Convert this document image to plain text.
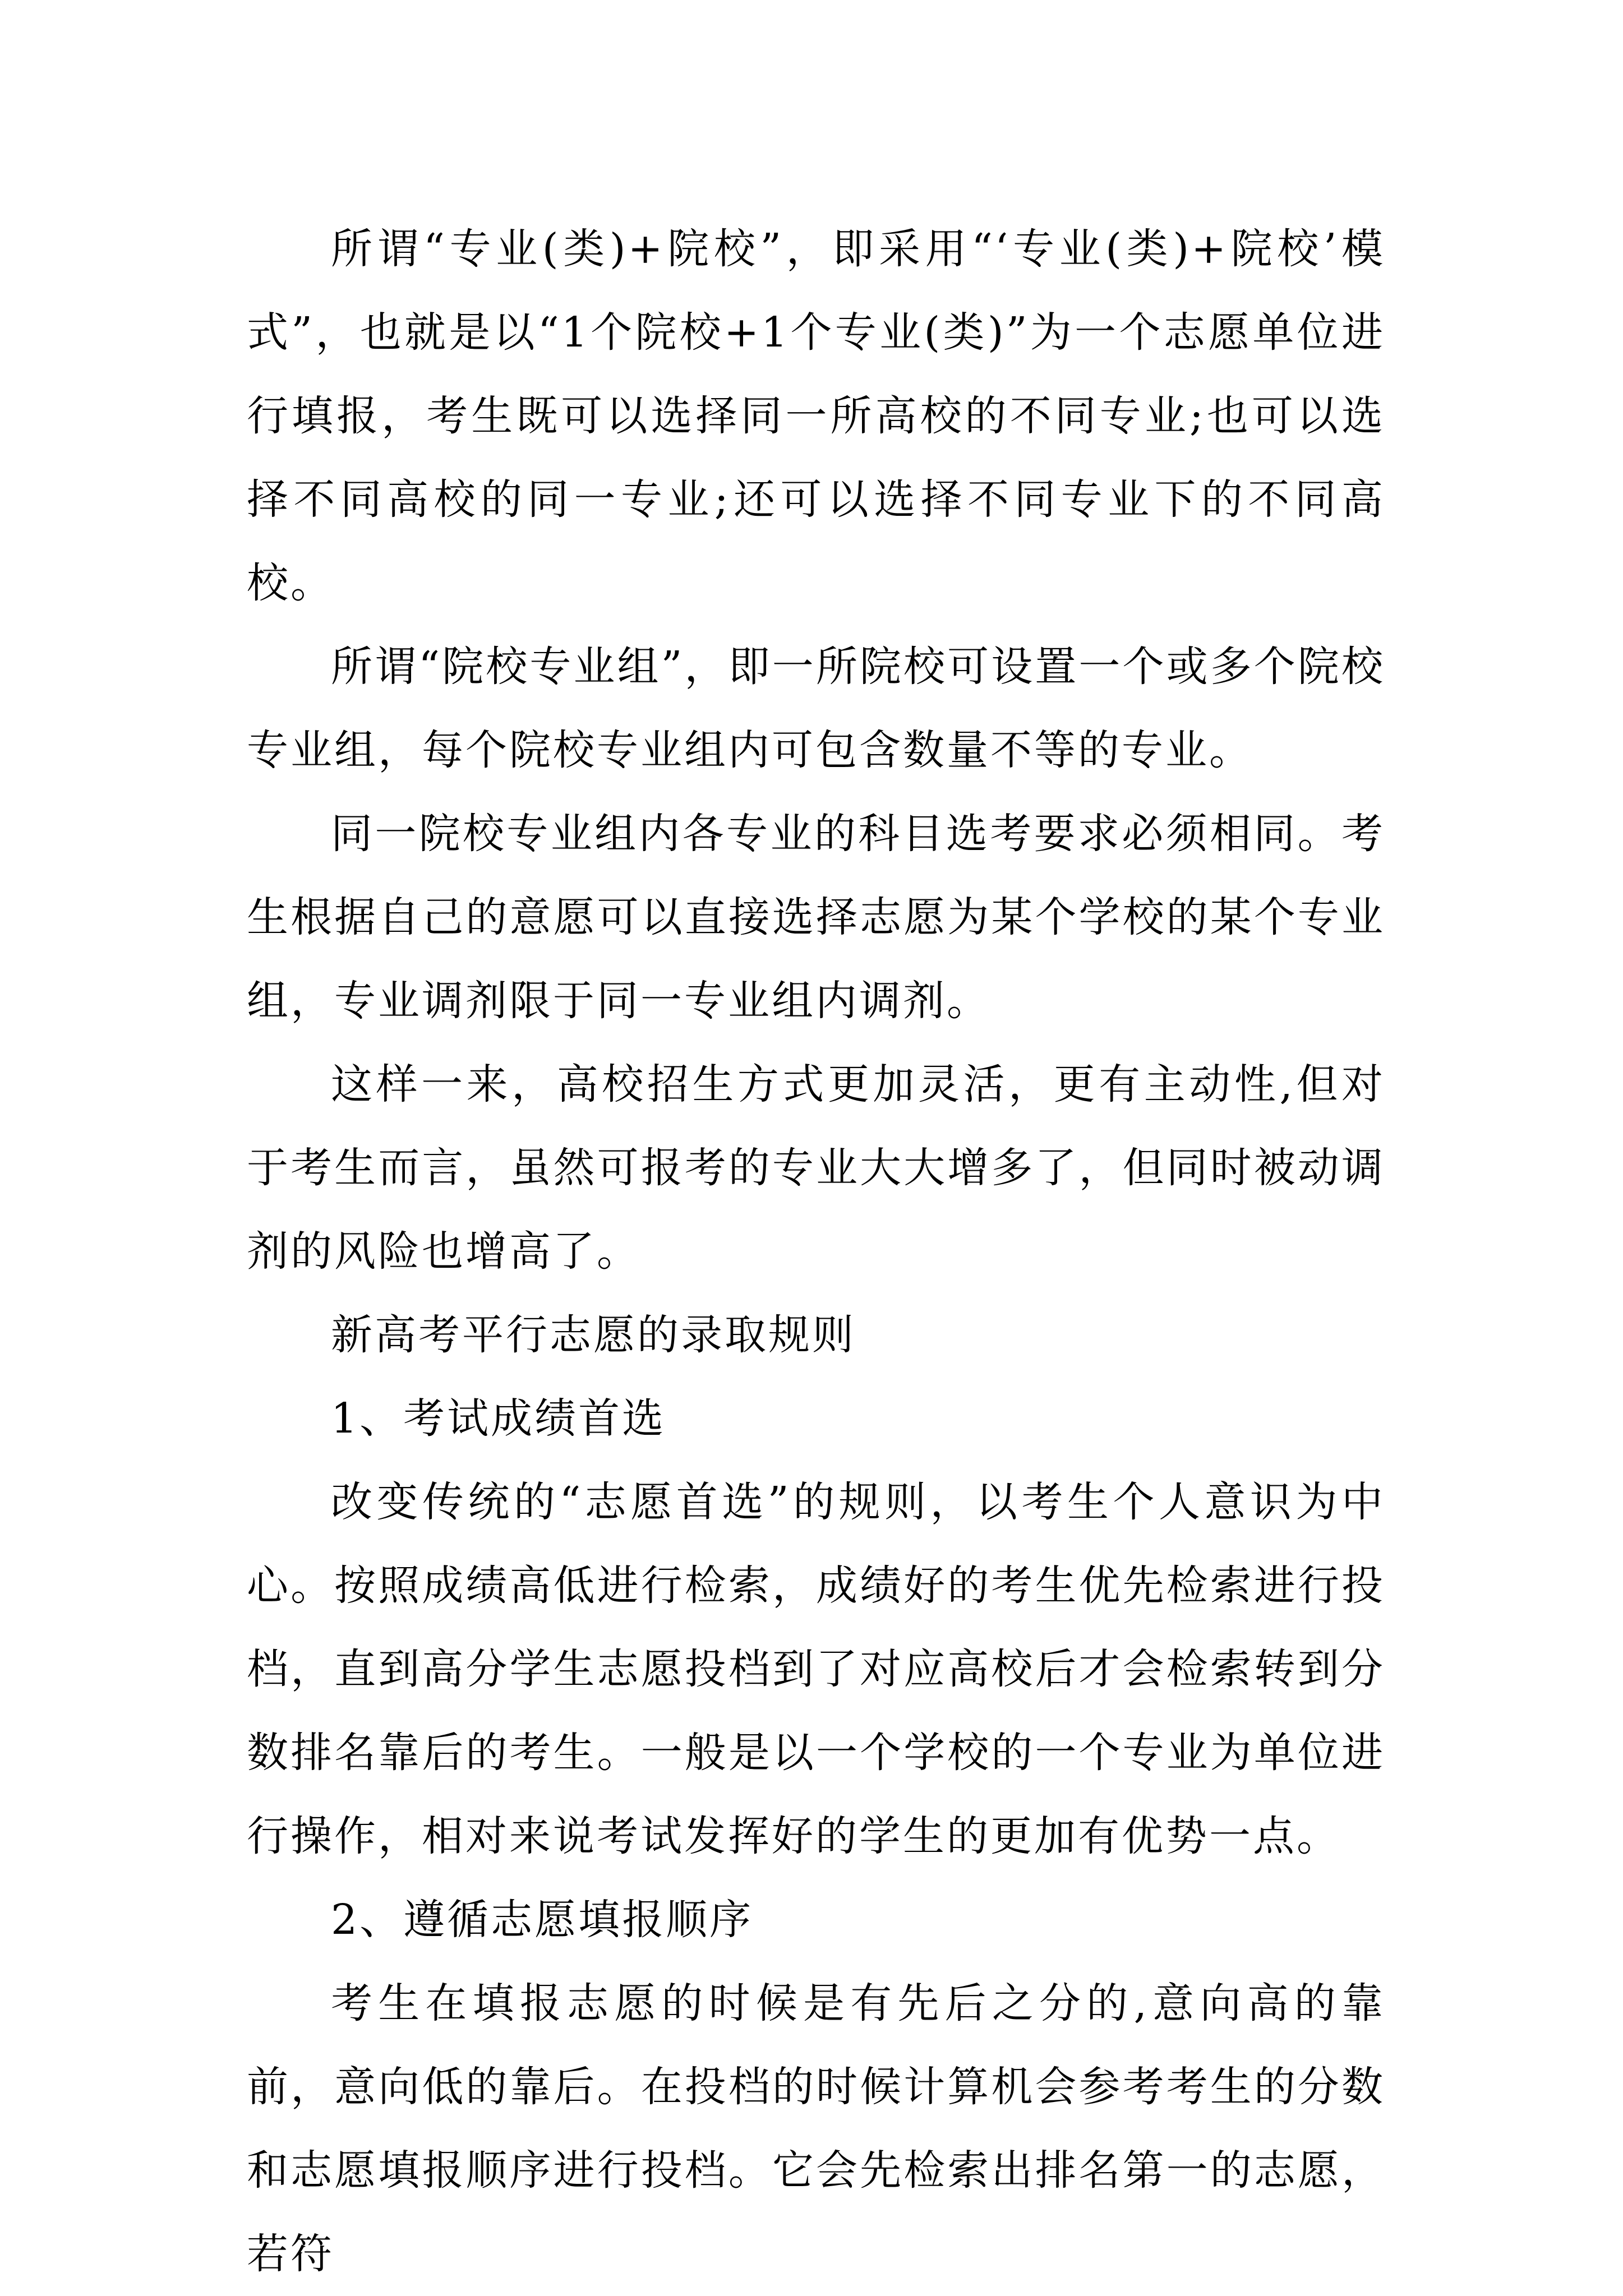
所谓“专业(类)+院校”，即采用“‘专业(类)+院校’模式”，也就是以“1个院校+1个专业(类)”为一个志愿单位进行填报，考生既可以选择同一所高校的不同专业;也可以选择不同高校的同一专业;还可以选择不同专业下的不同高校。

所谓“院校专业组”，即一所院校可设置一个或多个院校专业组，每个院校专业组内可包含数量不等的专业。

同一院校专业组内各专业的科目选考要求必须相同。考生根据自己的意愿可以直接选择志愿为某个学校的某个专业组，专业调剂限于同一专业组内调剂。

这样一来，高校招生方式更加灵活，更有主动性,但对于考生而言，虽然可报考的专业大大增多了，但同时被动调剂的风险也增高了。

新高考平行志愿的录取规则

1、考试成绩首选

改变传统的“志愿首选”的规则，以考生个人意识为中心。按照成绩高低进行检索，成绩好的考生优先检索进行投档，直到高分学生志愿投档到了对应高校后才会检索转到分数排名靠后的考生。一般是以一个学校的一个专业为单位进行操作，相对来说考试发挥好的学生的更加有优势一点。

2、遵循志愿填报顺序

考生在填报志愿的时候是有先后之分的,意向高的靠前，意向低的靠后。在投档的时候计算机会参考考生的分数和志愿填报顺序进行投档。它会先检索出排名第一的志愿，若符
